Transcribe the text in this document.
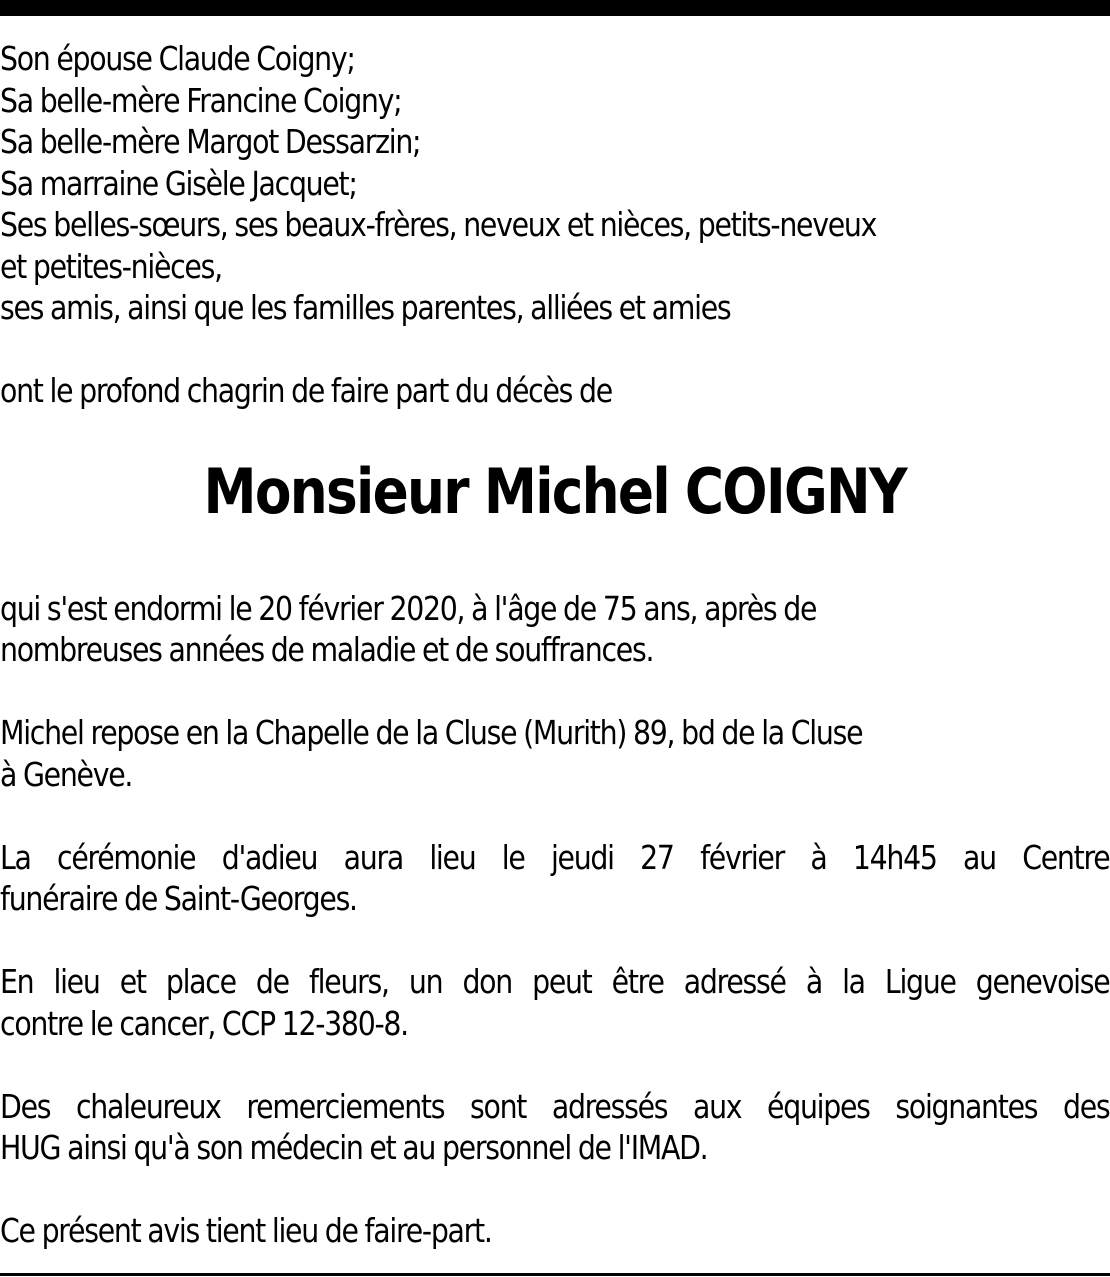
Son épouse Claude Coigny;
Sa belle-mère Francine Coigny;
Sa belle-mère Margot Dessarzin;
Sa marraine Gisèle Jacquet;
Ses belles-sœurs, ses beaux-frères, neveux et nièces, petits-neveux
et petites-nièces,
ses amis, ainsi que les familles parentes, alliées et amies
ont le profond chagrin de faire part du décès de
Monsieur Michel COIGNY
qui s'est endormi le 20 février 2020, à l'âge de 75 ans, après de
nombreuses années de maladie et de souffrances.
Michel repose en la Chapelle de la Cluse (Murith) 89, bd de la Cluse
à Genève.
La cérémonie d'adieu aura lieu le jeudi 27 février à 14h45 au Centre
funéraire de Saint-Georges.
En lieu et place de fleurs, un don peut être adressé à la Ligue genevoise
contre le cancer, CCP 12-380-8.
Des chaleureux remerciements sont adressés aux équipes soignantes des
HUG ainsi qu'à son médecin et au personnel de l'IMAD.
Ce présent avis tient lieu de faire-part.
